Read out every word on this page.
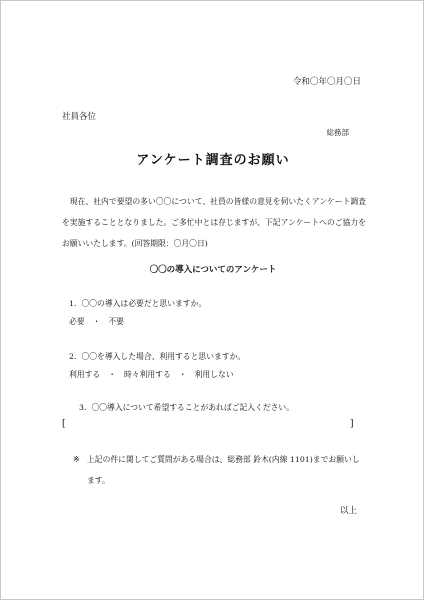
令和〇年〇月〇日
社員各位
総務部
アンケート調査のお願い
現在、社内で要望の多い〇〇について、社員の皆様の意見を伺いたくアンケート調査を実施することとなりました。ご多忙中とは存じますが、下記アンケートへのご協力をお願いいたします。(回答期限：〇月〇日)
〇〇の導入についてのアンケート
1. 〇〇の導入は必要だと思いますか。
必要 ・ 不要
2. 〇〇を導入した場合、利用すると思いますか。
利用する ・ 時々利用する ・ 利用しない
3. 〇〇導入について希望することがあればご記入ください。
[	]
※ 上記の件に関してご質問がある場合は、総務部 鈴木(内線 1101)までお願いします。
以上
